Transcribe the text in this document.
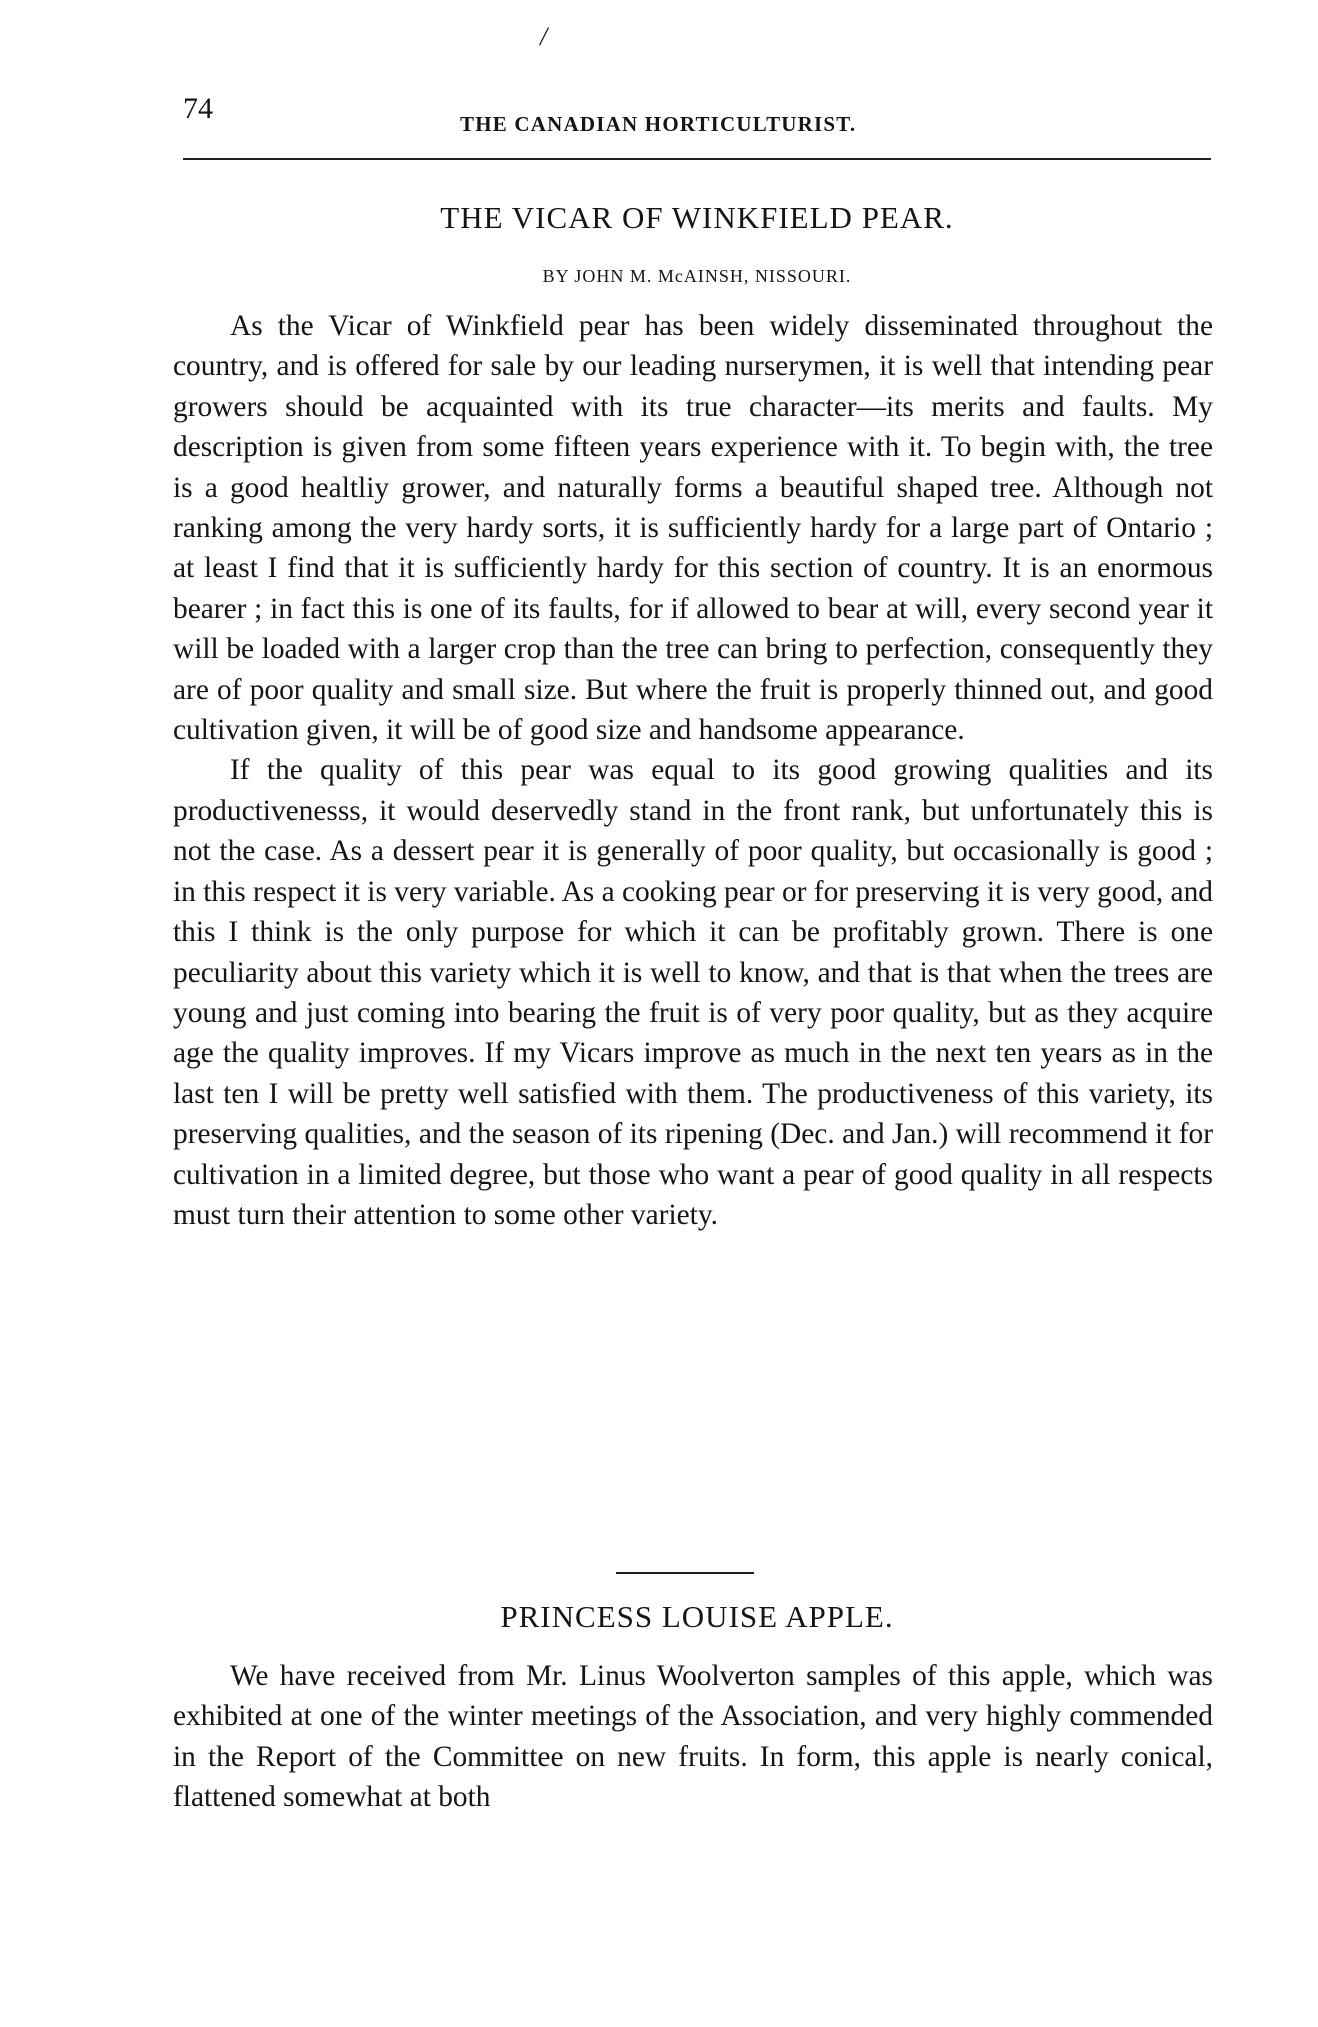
/
74	THE CANADIAN HORTICULTURIST.
THE VICAR OF WINKFIELD PEAR.
BY JOHN M. McAINSH, NISSOURI.

As the Vicar of Winkfield pear has been widely disseminated throughout the country, and is offered for sale by our leading nurserymen, it is well that intending pear growers should be acquainted with its true character—its merits and faults. My description is given from some fifteen years experience with it. To begin with, the tree is a good healtliy grower, and naturally forms a beautiful shaped tree. Although not ranking among the very hardy sorts, it is sufficiently hardy for a large part of Ontario ; at least I find that it is sufficiently hardy for this section of country. It is an enormous bearer ; in fact this is one of its faults, for if allowed to bear at will, every second year it will be loaded with a larger crop than the tree can bring to perfection, consequently they are of poor quality and small size. But where the fruit is properly thinned out, and good cultivation given, it will be of good size and handsome appearance.

If the quality of this pear was equal to its good growing qualities and its productivenesss, it would deservedly stand in the front rank, but unfortunately this is not the case. As a dessert pear it is generally of poor quality, but occasionally is good ; in this respect it is very variable. As a cooking pear or for preserving it is very good, and this I think is the only purpose for which it can be profitably grown. There is one peculiarity about this variety which it is well to know, and that is that when the trees are young and just coming into bearing the fruit is of very poor quality, but as they acquire age the quality improves. If my Vicars improve as much in the next ten years as in the last ten I will be pretty well satisfied with them. The productiveness of this variety, its preserving qualities, and the season of its ripening (Dec. and Jan.) will recommend it for cultivation in a limited degree, but those who want a pear of good quality in all respects must turn their attention to some other variety.

PRINCESS LOUISE APPLE.

We have received from Mr. Linus Woolverton samples of this apple, which was exhibited at one of the winter meetings of the Association, and very highly commended in the Report of the Committee on new fruits. In form, this apple is nearly conical, flattened somewhat at both
